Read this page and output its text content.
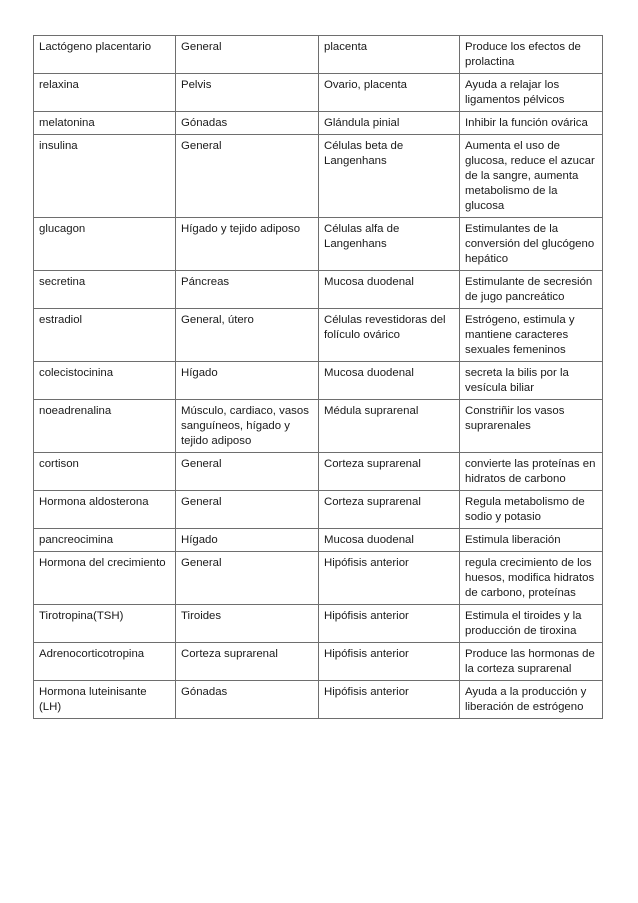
Lactógeno placentario	General	placenta	Produce los efectos de prolactina
relaxina	Pelvis	Ovario, placenta	Ayuda a relajar los ligamentos pélvicos
melatonina	Gónadas	Glándula pinial	Inhibir la función ovárica
insulina	General	Células beta de Langenhans	Aumenta el uso de glucosa, reduce el azucar de la sangre, aumenta metabolismo de la glucosa
glucagon	Hígado y tejido adiposo	Células alfa de Langenhans	Estimulantes de la conversión del glucógeno hepático
secretina	Páncreas	Mucosa duodenal	Estimulante de secresión de jugo pancreático
estradiol	General, útero	Células revestidoras del folículo ovárico	Estrógeno, estimula y mantiene caracteres sexuales femeninos
colecistocinina	Hígado	Mucosa duodenal	secreta la bilis por la vesícula biliar
noeadrenalina	Músculo, cardiaco, vasos sanguíneos, hígado y tejido adiposo	Médula suprarenal	Constriñir los vasos suprarenales
cortison	General	Corteza suprarenal	convierte las proteínas en hidratos de carbono
Hormona aldosterona	General	Corteza suprarenal	Regula metabolismo de sodio y potasio
pancreocimina	Hígado	Mucosa duodenal	Estimula liberación
Hormona del crecimiento	General	Hipófisis anterior	regula crecimiento de los huesos, modifica hidratos de carbono, proteínas
Tirotropina(TSH)	Tiroides	Hipófisis anterior	Estimula el tiroides y la producción de tiroxina
Adrenocorticotropina	Corteza suprarenal	Hipófisis anterior	Produce las hormonas de la corteza suprarenal
Hormona luteinisante (LH)	Gónadas	Hipófisis anterior	Ayuda a la producción y liberación de estrógeno
